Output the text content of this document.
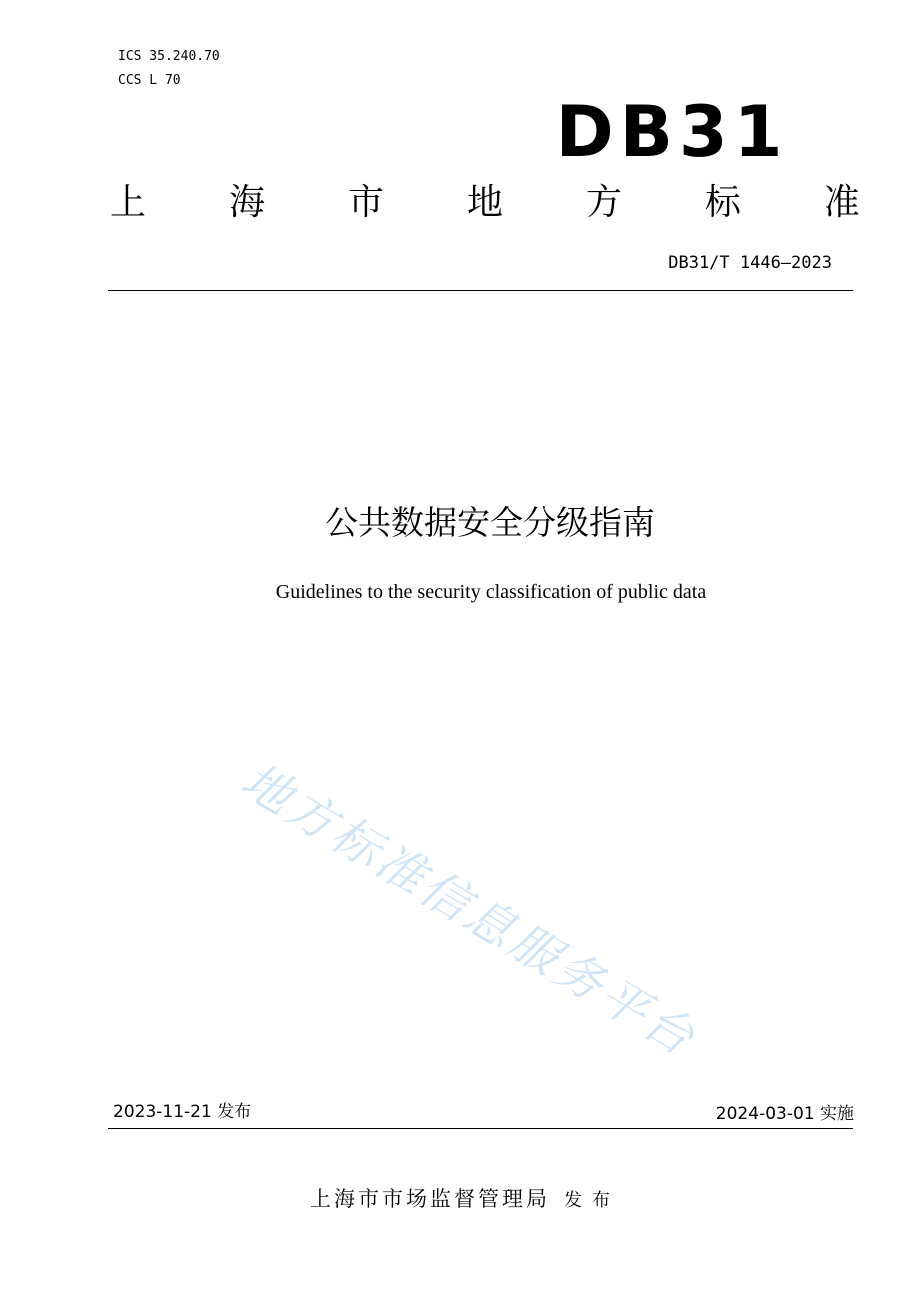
ICS 35.240.70
CCS L 70
DB31
上 海 市 地 方 标 准
DB31/T 1446—2023
公共数据安全分级指南
Guidelines to the security classification of public data
地方标准信息服务平台
2023-11-21 发布	2024-03-01 实施
上海市市场监督管理局 发布
